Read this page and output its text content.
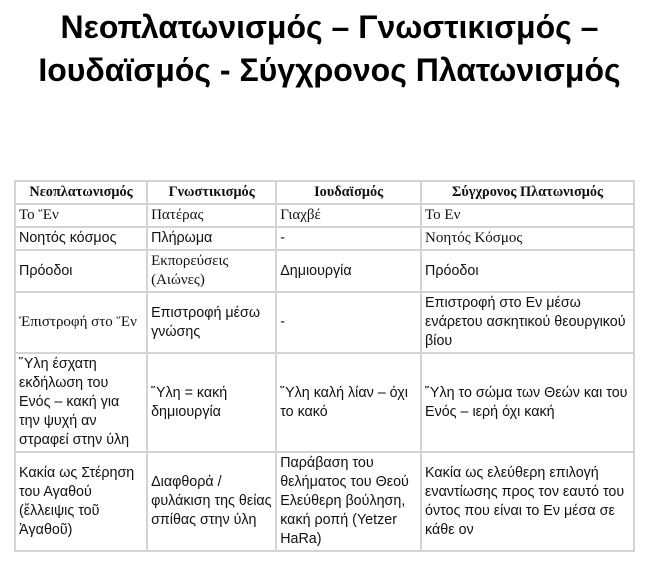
Νεοπλατωνισμός – Γνωστικισμός – Ιουδαϊσμός - Σύγχρονος Πλατωνισμός
Νεοπλατωνισμός	Γνωστικισμός	Ιουδαϊσμός	Σύγχρονος Πλατωνισμός
Το Ἕν	Πατέρας	Γιαχβέ	Το Εν
Νοητός κόσμος	Πλήρωμα	-	Νοητός Κόσμος
Πρόοδοι	Εκπορεύσεις (Αιώνες)	Δημιουργία	Πρόοδοι
Ἐπιστροφή στο Ἕν	Επιστροφή μέσω γνώσης	-	Επιστροφή στο Εν μέσω ενάρετου ασκητικού θεουργικού βίου
Ὕλη έσχατη εκδήλωση του Ενός – κακή για την ψυχή αν στραφεί στην ύλη	Ὕλη = κακή δημιουργία	Ὕλη καλή λίαν – όχι το κακό	Ὕλη το σώμα των Θεών και του Ενός – ιερή όχι κακή
Κακία ως Στέρηση του Αγαθού (ἔλλειψις τοῦ Ἀγαθοῦ)	Διαφθορά / φυλάκιση της θείας σπίθας στην ύλη	Παράβαση του θελήματος του Θεού Ελεύθερη βούληση, κακή ροπή (Yetzer HaRa)	Κακία ως ελεύθερη επιλογή εναντίωσης προς τον εαυτό του όντος που είναι το Εν μέσα σε κάθε ον
